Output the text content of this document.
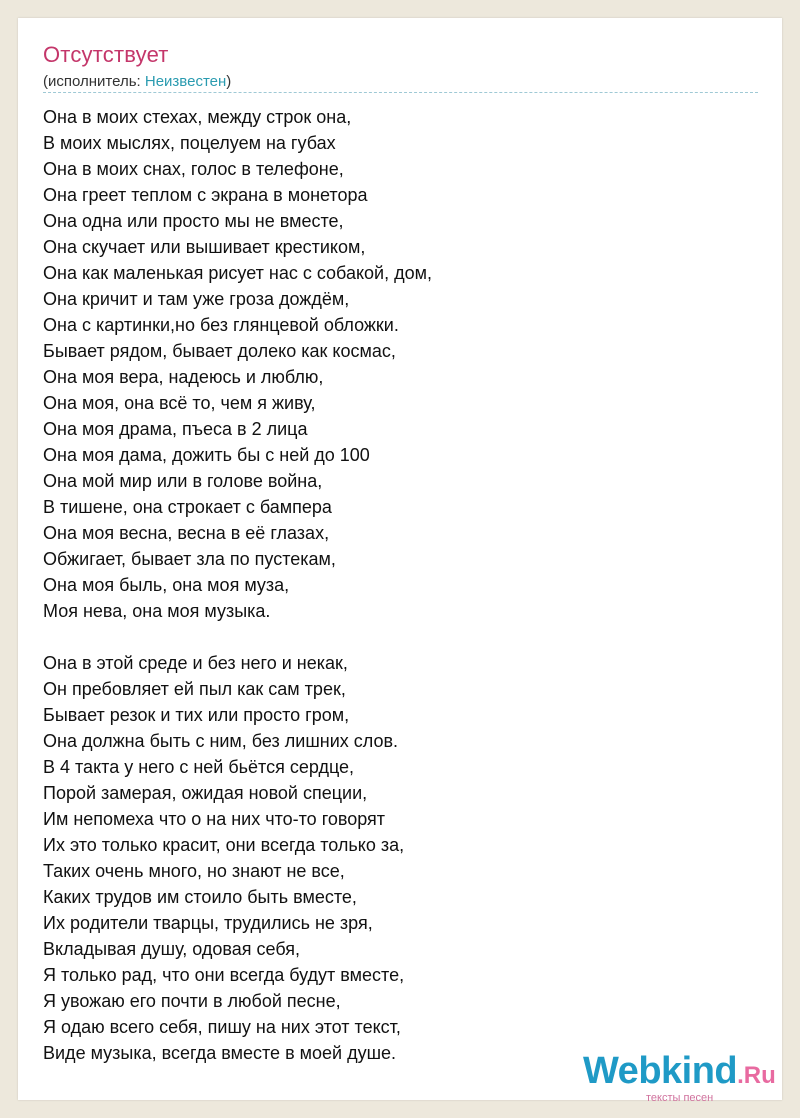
Отсутствует
(исполнитель: Неизвестен)
Она в моих стехах, между строк она,
В моих мыслях, поцелуем на губах
Она в моих снах, голос в телефоне,
Она греет теплом с экрана в монетора
Она одна или просто мы не вместе,
Она скучает или вышивает крестиком,
Она как маленькая рисует нас с собакой, дом,
Она кричит и там уже гроза дождём,
Она с картинки,но без глянцевой обложки.
Бывает рядом, бывает долеко как космас,
Она моя вера, надеюсь и люблю,
Она моя, она всё то, чем я живу,
Она моя драма, пъеса в 2 лица
Она моя дама, дожить бы с ней до 100
Она мой мир или в голове война,
В тишене, она строкает с бампера
Она моя весна, весна в её глазах,
Обжигает, бывает зла по пустекам,
Она моя быль, она моя муза,
Моя нева, она моя музыка.
Она в этой среде и без него и некак,
Он пребовляет ей пыл как сам трек,
Бывает резок и тих или просто гром,
Она должна быть с ним, без лишних слов.
В 4 такта у него с ней бьётся сердце,
Порой замерая, ожидая новой специи,
Им непомеха что о на них что-то говорят
Их это только красит, они всегда только за,
Таких очень много, но знают не все,
Каких трудов им стоило быть вместе,
Их родители тварцы, трудились не зря,
Вкладывая душу, одовая себя,
Я только рад, что они всегда будут вместе,
Я увожаю его почти в любой песне,
Я одаю всего себя, пишу на них этот текст,
Виде музыка, всегда вместе в моей душе.	Webkind.Ru
тексты песен
